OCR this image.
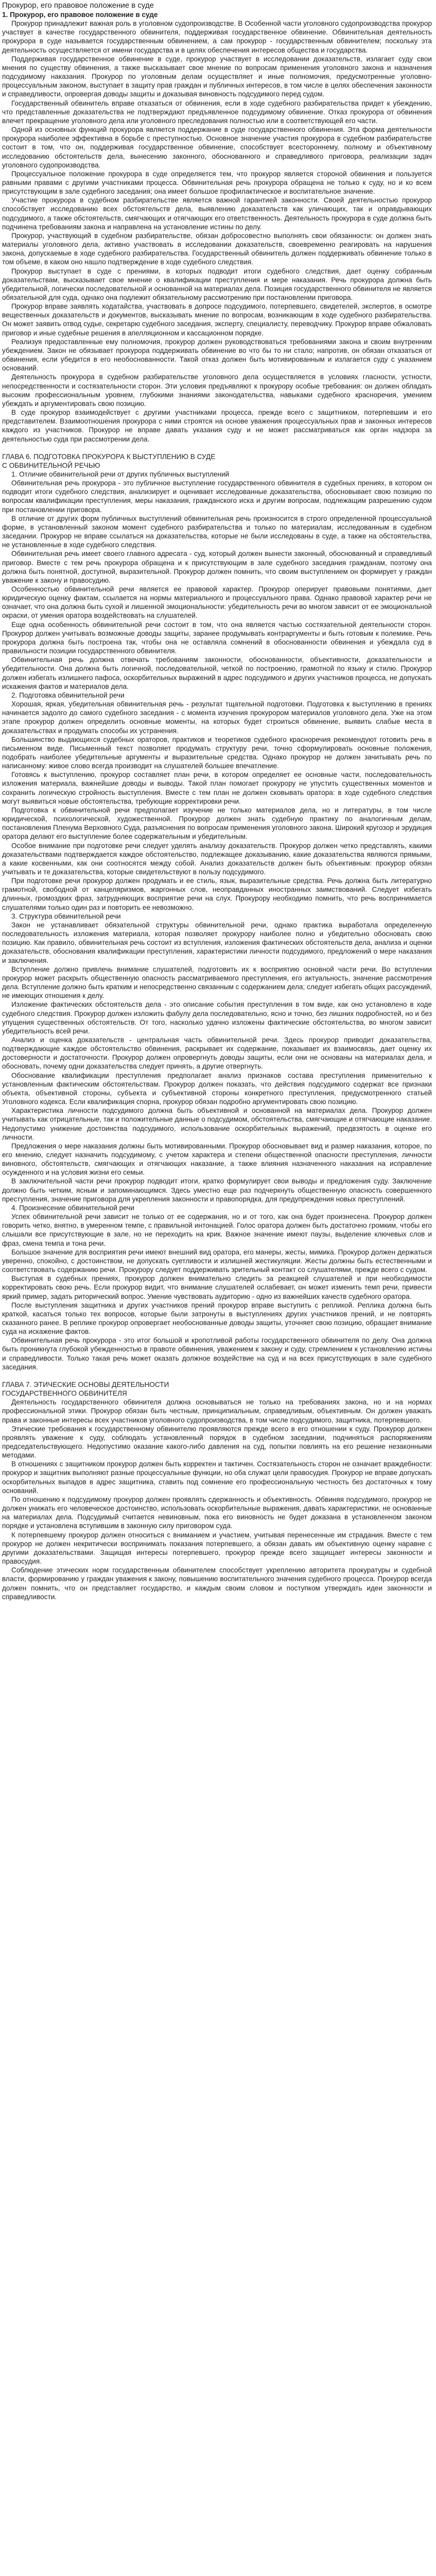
Прокурор, его правовое положение в суде

1. Прокурор, его правовое положение в суде

Прокурор принадлежит важная роль в уголовном судопроизводстве. В Особенной части уголовного судопроизводства прокурор участвует в качестве государственного обвинителя, поддерживая государственное обвинение. Обвинительная деятельность прокурора в суде называется государственным обвинением, а сам прокурор - государственным обвинителем; поскольку эта деятельность осуществляется от имени государства и в целях обеспечения интересов общества и государства.

Поддерживая государственное обвинение в суде, прокурор участвует в исследовании доказательств, излагает суду свои мнения по существу обвинения, а также высказывает свое мнение по вопросам применения уголовного закона и назначения подсудимому наказания. Прокурор по уголовным делам осуществляет и иные полномочия, предусмотренные уголовно-процессуальным законом, выступает в защиту прав граждан и публичных интересов, в том числе в целях обеспечения законности и справедливости, опровергая доводы защиты и доказывая виновность подсудимого перед судом.

Государственный обвинитель вправе отказаться от обвинения, если в ходе судебного разбирательства придет к убеждению, что представленные доказательства не подтверждают предъявленное подсудимому обвинение. Отказ прокурора от обвинения влечет прекращение уголовного дела или уголовного преследования полностью или в соответствующей его части.

Одной из основных функций прокурора является поддержание в суде государственного обвинения. Эта форма деятельности прокурора наиболее эффективна в борьбе с преступностью. Основное значение участия прокурора в судебном разбирательстве состоит в том, что он, поддерживая государственное обвинение, способствует всестороннему, полному и объективному исследованию обстоятельств дела, вынесению законного, обоснованного и справедливого приговора, реализации задач уголовного судопроизводства.

Процессуальное положение прокурора в суде определяется тем, что прокурор является стороной обвинения и пользуется равными правами с другими участниками процесса. Обвинительная речь прокурора обращена не только к суду, но и ко всем присутствующим в зале судебного заседания; она имеет большое профилактическое и воспитательное значение.

Участие прокурора в судебном разбирательстве является важной гарантией законности. Своей деятельностью прокурор способствует исследованию всех обстоятельств дела, выявлению доказательств как уличающих, так и оправдывающих подсудимого, а также обстоятельств, смягчающих и отягчающих его ответственность. Деятельность прокурора в суде должна быть подчинена требованиям закона и направлена на установление истины по делу.

Прокурор, участвующий в судебном разбирательстве, обязан добросовестно выполнять свои обязанности: он должен знать материалы уголовного дела, активно участвовать в исследовании доказательств, своевременно реагировать на нарушения закона, допускаемые в ходе судебного разбирательства. Государственный обвинитель должен поддерживать обвинение только в том объеме, в каком оно нашло подтверждение в ходе судебного следствия.

Прокурор выступает в суде с прениями, в которых подводит итоги судебного следствия, дает оценку собранным доказательствам, высказывает свое мнение о квалификации преступления и мере наказания. Речь прокурора должна быть убедительной, логически последовательной и основанной на материалах дела. Позиция государственного обвинителя не является обязательной для суда, однако она подлежит обязательному рассмотрению при постановлении приговора.

Прокурор вправе заявлять ходатайства, участвовать в допросе подсудимого, потерпевшего, свидетелей, экспертов, в осмотре вещественных доказательств и документов, высказывать мнение по вопросам, возникающим в ходе судебного разбирательства. Он может заявить отвод судье, секретарю судебного заседания, эксперту, специалисту, переводчику. Прокурор вправе обжаловать приговор и иные судебные решения в апелляционном и кассационном порядке.

Реализуя предоставленные ему полномочия, прокурор должен руководствоваться требованиями закона и своим внутренним убеждением. Закон не обязывает прокурора поддерживать обвинение во что бы то ни стало; напротив, он обязан отказаться от обвинения, если убедится в его необоснованности. Такой отказ должен быть мотивированным и излагается суду с указанием оснований.

Деятельность прокурора в судебном разбирательстве уголовного дела осуществляется в условиях гласности, устности, непосредственности и состязательности сторон. Эти условия предъявляют к прокурору особые требования: он должен обладать высоким профессиональным уровнем, глубокими знаниями законодательства, навыками судебного красноречия, умением убеждать и аргументировать свою позицию.

В суде прокурор взаимодействует с другими участниками процесса, прежде всего с защитником, потерпевшим и его представителем. Взаимоотношения прокурора с ними строятся на основе уважения процессуальных прав и законных интересов каждого из участников. Прокурор не вправе давать указания суду и не может рассматриваться как орган надзора за деятельностью суда при рассмотрении дела.

ГЛАВА 6. ПОДГОТОВКА ПРОКУРОРА К ВЫСТУПЛЕНИЮ В СУДЕ
С ОБВИНИТЕЛЬНОЙ РЕЧЬЮ

1. Отличие обвинительной речи от других публичных выступлений

Обвинительная речь прокурора - это публичное выступление государственного обвинителя в судебных прениях, в котором он подводит итоги судебного следствия, анализирует и оценивает исследованные доказательства, обосновывает свою позицию по вопросам квалификации преступления, меры наказания, гражданского иска и другим вопросам, подлежащим разрешению судом при постановлении приговора.

В отличие от других форм публичных выступлений обвинительная речь произносится в строго определенной процессуальной форме, в установленный законом момент судебного разбирательства и только по материалам, исследованным в судебном заседании. Прокурор не вправе ссылаться на доказательства, которые не были исследованы в суде, а также на обстоятельства, не установленные в ходе судебного следствия.

Обвинительная речь имеет своего главного адресата - суд, который должен вынести законный, обоснованный и справедливый приговор. Вместе с тем речь прокурора обращена и к присутствующим в зале судебного заседания гражданам, поэтому она должна быть понятной, доступной, выразительной. Прокурор должен помнить, что своим выступлением он формирует у граждан уважение к закону и правосудию.

Особенностью обвинительной речи является ее правовой характер. Прокурор оперирует правовыми понятиями, дает юридическую оценку фактам, ссылается на нормы материального и процессуального права. Однако правовой характер речи не означает, что она должна быть сухой и лишенной эмоциональности: убедительность речи во многом зависит от ее эмоциональной окраски, от умения оратора воздействовать на слушателей.

Еще одна особенность обвинительной речи состоит в том, что она является частью состязательной деятельности сторон. Прокурор должен учитывать возможные доводы защиты, заранее продумывать контраргументы и быть готовым к полемике. Речь прокурора должна быть построена так, чтобы она не оставляла сомнений в обоснованности обвинения и убеждала суд в правильности позиции государственного обвинителя.

Обвинительная речь должна отвечать требованиям законности, обоснованности, объективности, доказательности и убедительности. Она должна быть логичной, последовательной, четкой по построению, грамотной по языку и стилю. Прокурор должен избегать излишнего пафоса, оскорбительных выражений в адрес подсудимого и других участников процесса, не допускать искажения фактов и материалов дела.

2. Подготовка обвинительной речи

Хорошая, яркая, убедительная обвинительная речь - результат тщательной подготовки. Подготовка к выступлению в прениях начинается задолго до самого судебного заседания - с момента изучения прокурором материалов уголовного дела. Уже на этом этапе прокурор должен определить основные моменты, на которых будет строиться обвинение, выявить слабые места в доказательствах и продумать способы их устранения.

Большинство выдающихся судебных ораторов, практиков и теоретиков судебного красноречия рекомендуют готовить речь в письменном виде. Письменный текст позволяет продумать структуру речи, точно сформулировать основные положения, подобрать наиболее убедительные аргументы и выразительные средства. Однако прокурор не должен зачитывать речь по написанному: живое слово всегда производит на слушателей большее впечатление.

Готовясь к выступлению, прокурор составляет план речи, в котором определяет ее основные части, последовательность изложения материала, важнейшие доводы и выводы. Такой план помогает прокурору не упустить существенных моментов и сохранить логическую стройность выступления. Вместе с тем план не должен сковывать оратора: в ходе судебного следствия могут выявиться новые обстоятельства, требующие корректировки речи.

Подготовка к обвинительной речи предполагает изучение не только материалов дела, но и литературы, в том числе юридической, психологической, художественной. Прокурор должен знать судебную практику по аналогичным делам, постановления Пленума Верховного Суда, разъяснения по вопросам применения уголовного закона. Широкий кругозор и эрудиция оратора делают его выступление более содержательным и убедительным.

Особое внимание при подготовке речи следует уделять анализу доказательств. Прокурор должен четко представлять, какими доказательствами подтверждается каждое обстоятельство, подлежащее доказыванию, какие доказательства являются прямыми, а какие косвенными, как они соотносятся между собой. Анализ доказательств должен быть объективным: прокурор обязан учитывать и те доказательства, которые свидетельствуют в пользу подсудимого.

При подготовке речи прокурор должен продумать и ее стиль, язык, выразительные средства. Речь должна быть литературно грамотной, свободной от канцеляризмов, жаргонных слов, неоправданных иностранных заимствований. Следует избегать длинных, громоздких фраз, затрудняющих восприятие речи на слух. Прокурору необходимо помнить, что речь воспринимается слушателями только один раз и повторить ее невозможно.

3. Структура обвинительной речи

Закон не устанавливает обязательной структуры обвинительной речи, однако практика выработала определенную последовательность изложения материала, которая позволяет прокурору наиболее полно и убедительно обосновать свою позицию. Как правило, обвинительная речь состоит из вступления, изложения фактических обстоятельств дела, анализа и оценки доказательств, обоснования квалификации преступления, характеристики личности подсудимого, предложений о мере наказания и заключения.

Вступление должно привлечь внимание слушателей, подготовить их к восприятию основной части речи. Во вступлении прокурор может раскрыть общественную опасность рассматриваемого преступления, его актуальность, значение рассмотрения дела. Вступление должно быть кратким и непосредственно связанным с содержанием дела; следует избегать общих рассуждений, не имеющих отношения к делу.

Изложение фактических обстоятельств дела - это описание события преступления в том виде, как оно установлено в ходе судебного следствия. Прокурор должен изложить фабулу дела последовательно, ясно и точно, без лишних подробностей, но и без упущения существенных обстоятельств. От того, насколько удачно изложены фактические обстоятельства, во многом зависит убедительность всей речи.

Анализ и оценка доказательств - центральная часть обвинительной речи. Здесь прокурор приводит доказательства, подтверждающие каждое обстоятельство обвинения, раскрывает их содержание, показывает их взаимосвязь, дает оценку их достоверности и достаточности. Прокурор должен опровергнуть доводы защиты, если они не основаны на материалах дела, и обосновать, почему одни доказательства следует принять, а другие отвергнуть.

Обоснование квалификации преступления предполагает анализ признаков состава преступления применительно к установленным фактическим обстоятельствам. Прокурор должен показать, что действия подсудимого содержат все признаки объекта, объективной стороны, субъекта и субъективной стороны конкретного преступления, предусмотренного статьей Уголовного кодекса. Если квалификация спорна, прокурор обязан подробно аргументировать свою позицию.

Характеристика личности подсудимого должна быть объективной и основанной на материалах дела. Прокурор должен учитывать как отрицательные, так и положительные данные о подсудимом, обстоятельства, смягчающие и отягчающие наказание. Недопустимо унижение достоинства подсудимого, использование оскорбительных выражений, предвзятость в оценке его личности.

Предложения о мере наказания должны быть мотивированными. Прокурор обосновывает вид и размер наказания, которое, по его мнению, следует назначить подсудимому, с учетом характера и степени общественной опасности преступления, личности виновного, обстоятельств, смягчающих и отягчающих наказание, а также влияния назначенного наказания на исправление осужденного и на условия жизни его семьи.

В заключительной части речи прокурор подводит итоги, кратко формулирует свои выводы и предложения суду. Заключение должно быть четким, ясным и запоминающимся. Здесь уместно еще раз подчеркнуть общественную опасность совершенного преступления, значение приговора для укрепления законности и правопорядка, для предупреждения новых преступлений.

4. Произнесение обвинительной речи

Успех обвинительной речи зависит не только от ее содержания, но и от того, как она будет произнесена. Прокурор должен говорить четко, внятно, в умеренном темпе, с правильной интонацией. Голос оратора должен быть достаточно громким, чтобы его слышали все присутствующие в зале, но не переходить на крик. Важное значение имеют паузы, выделение ключевых слов и фраз, смена темпа и тона речи.

Большое значение для восприятия речи имеют внешний вид оратора, его манеры, жесты, мимика. Прокурор должен держаться уверенно, спокойно, с достоинством, не допускать суетливости и излишней жестикуляции. Жесты должны быть естественными и соответствовать содержанию речи. Прокурору следует поддерживать зрительный контакт со слушателями, прежде всего с судом.

Выступая в судебных прениях, прокурор должен внимательно следить за реакцией слушателей и при необходимости корректировать свою речь. Если прокурор видит, что внимание слушателей ослабевает, он может изменить темп речи, привести яркий пример, задать риторический вопрос. Умение чувствовать аудиторию - одно из важнейших качеств судебного оратора.

После выступления защитника и других участников прений прокурор вправе выступить с репликой. Реплика должна быть краткой, касаться только тех вопросов, которые были затронуты в выступлениях других участников прений, и не повторять сказанного ранее. В реплике прокурор опровергает необоснованные доводы защиты, уточняет свою позицию, обращает внимание суда на искажение фактов.

Обвинительная речь прокурора - это итог большой и кропотливой работы государственного обвинителя по делу. Она должна быть проникнута глубокой убежденностью в правоте обвинения, уважением к закону и суду, стремлением к установлению истины и справедливости. Только такая речь может оказать должное воздействие на суд и на всех присутствующих в зале судебного заседания.

ГЛАВА 7. ЭТИЧЕСКИЕ ОСНОВЫ ДЕЯТЕЛЬНОСТИ
ГОСУДАРСТВЕННОГО ОБВИНИТЕЛЯ

Деятельность государственного обвинителя должна основываться не только на требованиях закона, но и на нормах профессиональной этики. Прокурор обязан быть честным, принципиальным, справедливым, объективным. Он должен уважать права и законные интересы всех участников уголовного судопроизводства, в том числе подсудимого, защитника, потерпевшего.

Этические требования к государственному обвинителю проявляются прежде всего в его отношении к суду. Прокурор должен проявлять уважение к суду, соблюдать установленный порядок в судебном заседании, подчиняться распоряжениям председательствующего. Недопустимо оказание какого-либо давления на суд, попытки повлиять на его решение незаконными методами.

В отношениях с защитником прокурор должен быть корректен и тактичен. Состязательность сторон не означает враждебности: прокурор и защитник выполняют разные процессуальные функции, но оба служат цели правосудия. Прокурор не вправе допускать оскорбительных выпадов в адрес защитника, ставить под сомнение его профессиональную честность без достаточных к тому оснований.

По отношению к подсудимому прокурор должен проявлять сдержанность и объективность. Обвиняя подсудимого, прокурор не должен унижать его человеческое достоинство, использовать оскорбительные выражения, давать характеристики, не основанные на материалах дела. Подсудимый считается невиновным, пока его виновность не будет доказана в установленном законом порядке и установлена вступившим в законную силу приговором суда.

К потерпевшему прокурор должен относиться с вниманием и участием, учитывая перенесенные им страдания. Вместе с тем прокурор не должен некритически воспринимать показания потерпевшего, а обязан давать им объективную оценку наравне с другими доказательствами. Защищая интересы потерпевшего, прокурор прежде всего защищает интересы законности и правосудия.

Соблюдение этических норм государственным обвинителем способствует укреплению авторитета прокуратуры и судебной власти, формированию у граждан уважения к закону, повышению воспитательного значения судебного процесса. Прокурор всегда должен помнить, что он представляет государство, и каждым своим словом и поступком утверждать идеи законности и справедливости.
